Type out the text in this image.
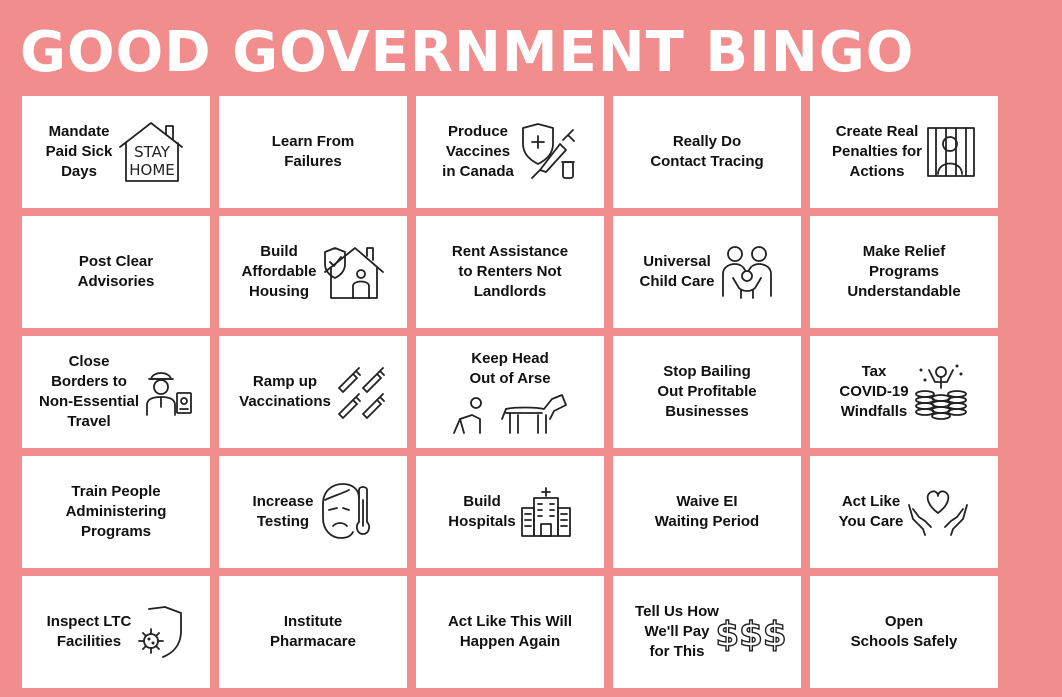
GOOD GOVERNMENT BINGO
Mandate
Paid Sick
Days
STAY
HOME
Learn From
Failures
Produce
Vaccines
in Canada
Really Do
Contact Tracing
Create Real
Penalties for
Actions
Post Clear
Advisories
Build
Affordable
Housing
Rent Assistance
to Renters Not
Landlords
Universal
Child Care
Make Relief
Programs
Understandable
Close
Borders to
Non-Essential
Travel
Ramp up
Vaccinations
Keep Head
Out of Arse	Stop Bailing
Out Profitable
Businesses
Tax
COVID-19
Windfalls
Train People
Administering
Programs
Increase
Testing
Build
Hospitals
Waive EI
Waiting Period
Act Like
You Care
Inspect LTC
Facilities
Institute
Pharmacare
Act Like This Will
Happen Again
Tell Us How
We'll Pay
for This $$$	Open
Schools Safely
